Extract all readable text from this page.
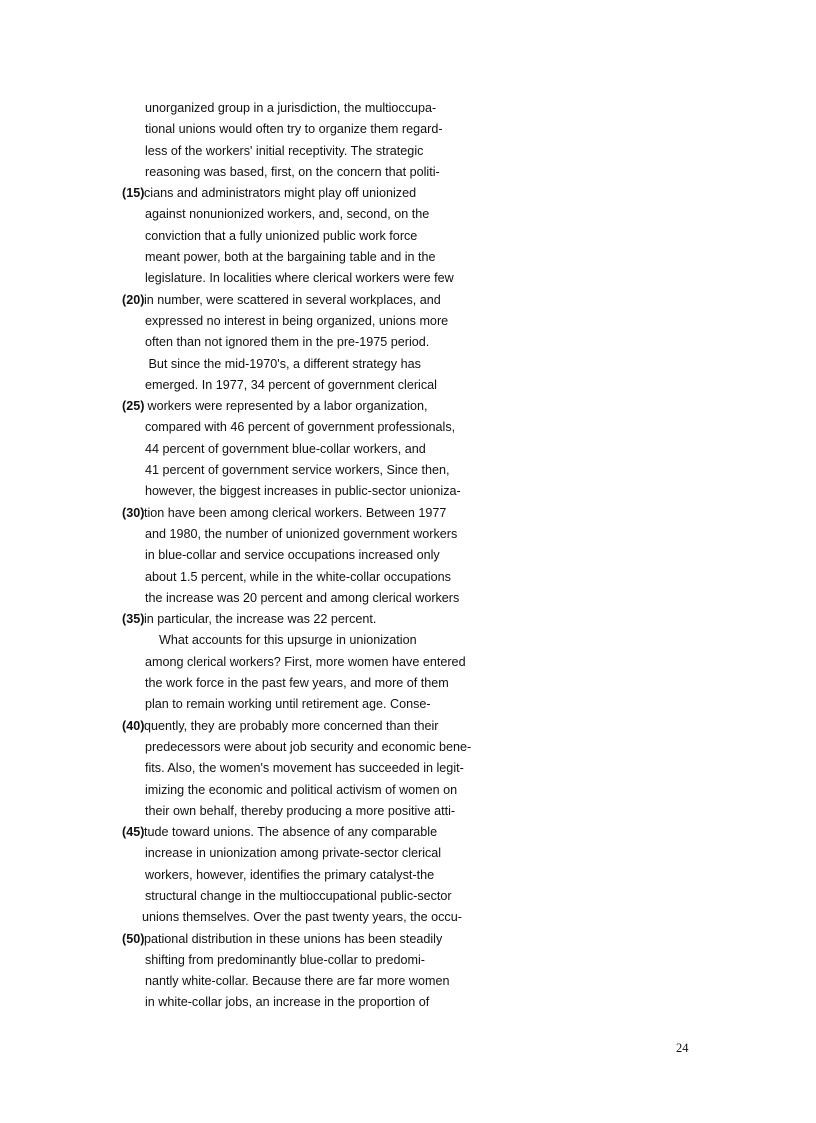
unorganized group in a jurisdiction, the multioccupa-
tional unions would often try to organize them regard-
less of the workers' initial receptivity. The strategic
reasoning was based, first, on the concern that politi-
(15) cians and administrators might play off unionized
against nonunionized workers, and, second, on the
conviction that a fully unionized public work force
meant power, both at the bargaining table and in the
legislature. In localities where clerical workers were few
(20) in number, were scattered in several workplaces, and
expressed no interest in being organized, unions more
often than not ignored them in the pre-1975 period.
But since the mid-1970's, a different strategy has
emerged. In 1977, 34 percent of government clerical
(25) workers were represented by a labor organization,
compared with 46 percent of government professionals,
44 percent of government blue-collar workers, and
41 percent of government service workers, Since then,
however, the biggest increases in public-sector unioniza-
(30) tion have been among clerical workers. Between 1977
and 1980, the number of unionized government workers
in blue-collar and service occupations increased only
about 1.5 percent, while in the white-collar occupations
the increase was 20 percent and among clerical workers
(35) in particular, the increase was 22 percent.
What accounts for this upsurge in unionization
among clerical workers? First, more women have entered
the work force in the past few years, and more of them
plan to remain working until retirement age. Conse-
(40) quently, they are probably more concerned than their
predecessors were about job security and economic bene-
fits. Also, the women's movement has succeeded in legit-
imizing the economic and political activism of women on
their own behalf, thereby producing a more positive atti-
(45) tude toward unions. The absence of any comparable
increase in unionization among private-sector clerical
workers, however, identifies the primary catalyst-the
structural change in the multioccupational public-sector
unions themselves. Over the past twenty years, the occu-
(50) pational distribution in these unions has been steadily
shifting from predominantly blue-collar to predomi-
nantly white-collar. Because there are far more women
in white-collar jobs, an increase in the proportion of
24
